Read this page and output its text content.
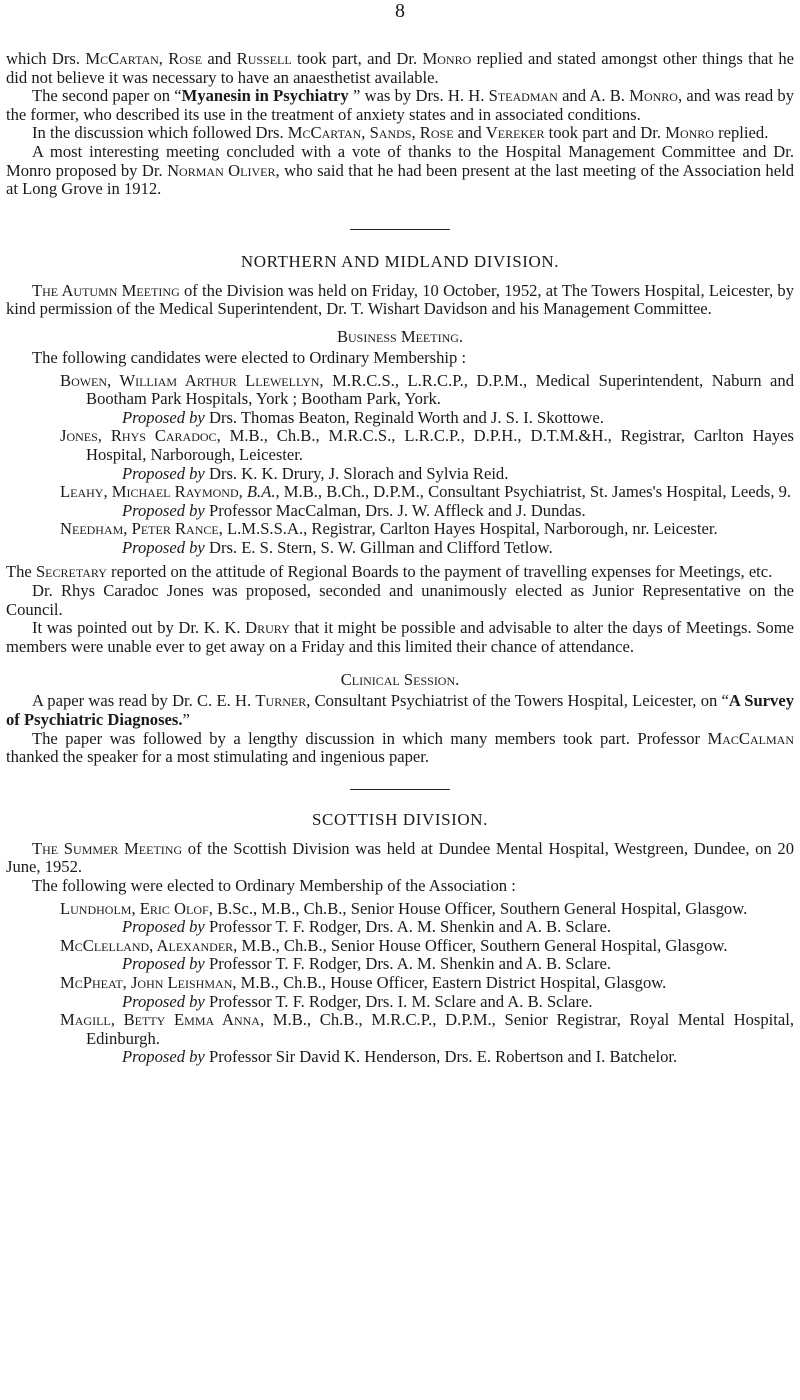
8

which Drs. McCartan, Rose and Russell took part, and Dr. Monro replied and stated amongst other things that he did not believe it was necessary to have an anaesthetist available.

The second paper on “Myanesin in Psychiatry ” was by Drs. H. H. Steadman and A. B. Monro, and was read by the former, who described its use in the treatment of anxiety states and in associated conditions.

In the discussion which followed Drs. McCartan, Sands, Rose and Vereker took part and Dr. Monro replied.

A most interesting meeting concluded with a vote of thanks to the Hospital Management Committee and Dr. Monro proposed by Dr. Norman Oliver, who said that he had been present at the last meeting of the Association held at Long Grove in 1912.

NORTHERN AND MIDLAND DIVISION.

The Autumn Meeting of the Division was held on Friday, 10 October, 1952, at The Towers Hospital, Leicester, by kind permission of the Medical Superintendent, Dr. T. Wishart Davidson and his Management Committee.

Business Meeting.

The following candidates were elected to Ordinary Membership :

Bowen, William Arthur Llewellyn, M.R.C.S., L.R.C.P., D.P.M., Medical Superintendent, Naburn and Bootham Park Hospitals, York ; Bootham Park, York.

Proposed by Drs. Thomas Beaton, Reginald Worth and J. S. I. Skottowe.

Jones, Rhys Caradoc, M.B., Ch.B., M.R.C.S., L.R.C.P., D.P.H., D.T.M.&H., Registrar, Carlton Hayes Hospital, Narborough, Leicester.

Proposed by Drs. K. K. Drury, J. Slorach and Sylvia Reid.

Leahy, Michael Raymond, B.A., M.B., B.Ch., D.P.M., Consultant Psychiatrist, St. James's Hospital, Leeds, 9.

Proposed by Professor MacCalman, Drs. J. W. Affleck and J. Dundas.

Needham, Peter Rance, L.M.S.S.A., Registrar, Carlton Hayes Hospital, Narborough, nr. Leicester.

Proposed by Drs. E. S. Stern, S. W. Gillman and Clifford Tetlow.

The Secretary reported on the attitude of Regional Boards to the payment of travelling expenses for Meetings, etc.

Dr. Rhys Caradoc Jones was proposed, seconded and unanimously elected as Junior Representative on the Council.

It was pointed out by Dr. K. K. Drury that it might be possible and advisable to alter the days of Meetings. Some members were unable ever to get away on a Friday and this limited their chance of attendance.

Clinical Session.

A paper was read by Dr. C. E. H. Turner, Consultant Psychiatrist of the Towers Hospital, Leicester, on “A Survey of Psychiatric Diagnoses.”

The paper was followed by a lengthy discussion in which many members took part. Professor MacCalman thanked the speaker for a most stimulating and ingenious paper.

SCOTTISH DIVISION.

The Summer Meeting of the Scottish Division was held at Dundee Mental Hospital, Westgreen, Dundee, on 20 June, 1952.

The following were elected to Ordinary Membership of the Association :

Lundholm, Eric Olof, B.Sc., M.B., Ch.B., Senior House Officer, Southern General Hospital, Glasgow.

Proposed by Professor T. F. Rodger, Drs. A. M. Shenkin and A. B. Sclare.

McClelland, Alexander, M.B., Ch.B., Senior House Officer, Southern General Hospital, Glasgow.

Proposed by Professor T. F. Rodger, Drs. A. M. Shenkin and A. B. Sclare.

McPheat, John Leishman, M.B., Ch.B., House Officer, Eastern District Hospital, Glasgow.

Proposed by Professor T. F. Rodger, Drs. I. M. Sclare and A. B. Sclare.

Magill, Betty Emma Anna, M.B., Ch.B., M.R.C.P., D.P.M., Senior Registrar, Royal Mental Hospital, Edinburgh.

Proposed by Professor Sir David K. Henderson, Drs. E. Robertson and I. Batchelor.
